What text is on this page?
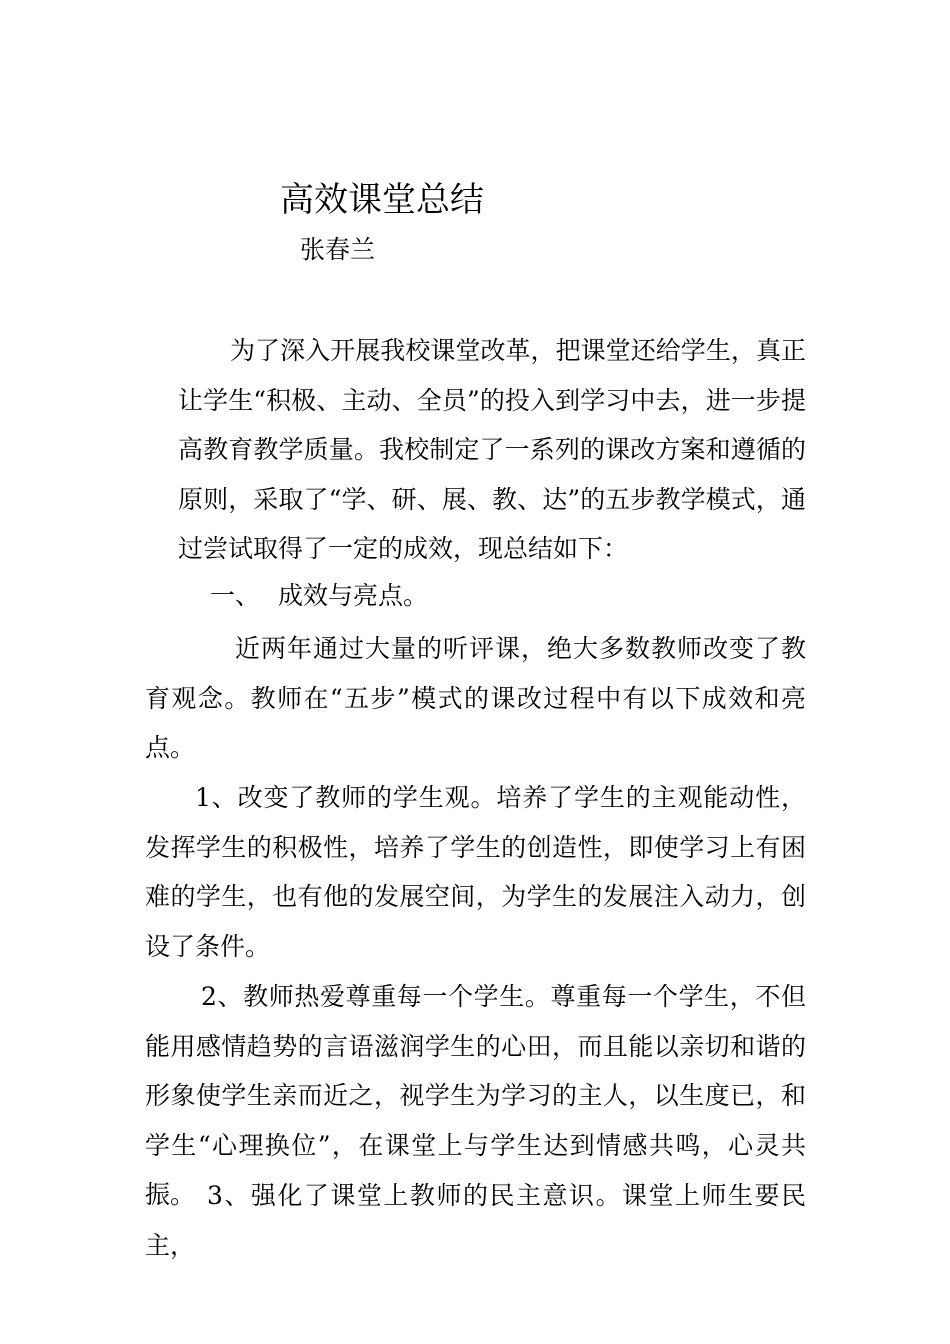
高效课堂总结
张春兰

为了深入开展我校课堂改革，把课堂还给学生，真正让学生“积极、主动、全员”的投入到学习中去，进一步提高教育教学质量。我校制定了一系列的课改方案和遵循的原则，采取了“学、研、展、教、达”的五步教学模式，通过尝试取得了一定的成效，现总结如下：

一、 成效与亮点。

近两年通过大量的听评课，绝大多数教师改变了教育观念。教师在“五步”模式的课改过程中有以下成效和亮点。

1、改变了教师的学生观。培养了学生的主观能动性，发挥学生的积极性，培养了学生的创造性，即使学习上有困难的学生，也有他的发展空间，为学生的发展注入动力，创设了条件。

2、教师热爱尊重每一个学生。尊重每一个学生，不但能用感情趋势的言语滋润学生的心田，而且能以亲切和谐的形象使学生亲而近之，视学生为学习的主人，以生度已，和学生“心理换位”，在课堂上与学生达到情感共鸣，心灵共振。 3、强化了课堂上教师的民主意识。课堂上师生要民主，
